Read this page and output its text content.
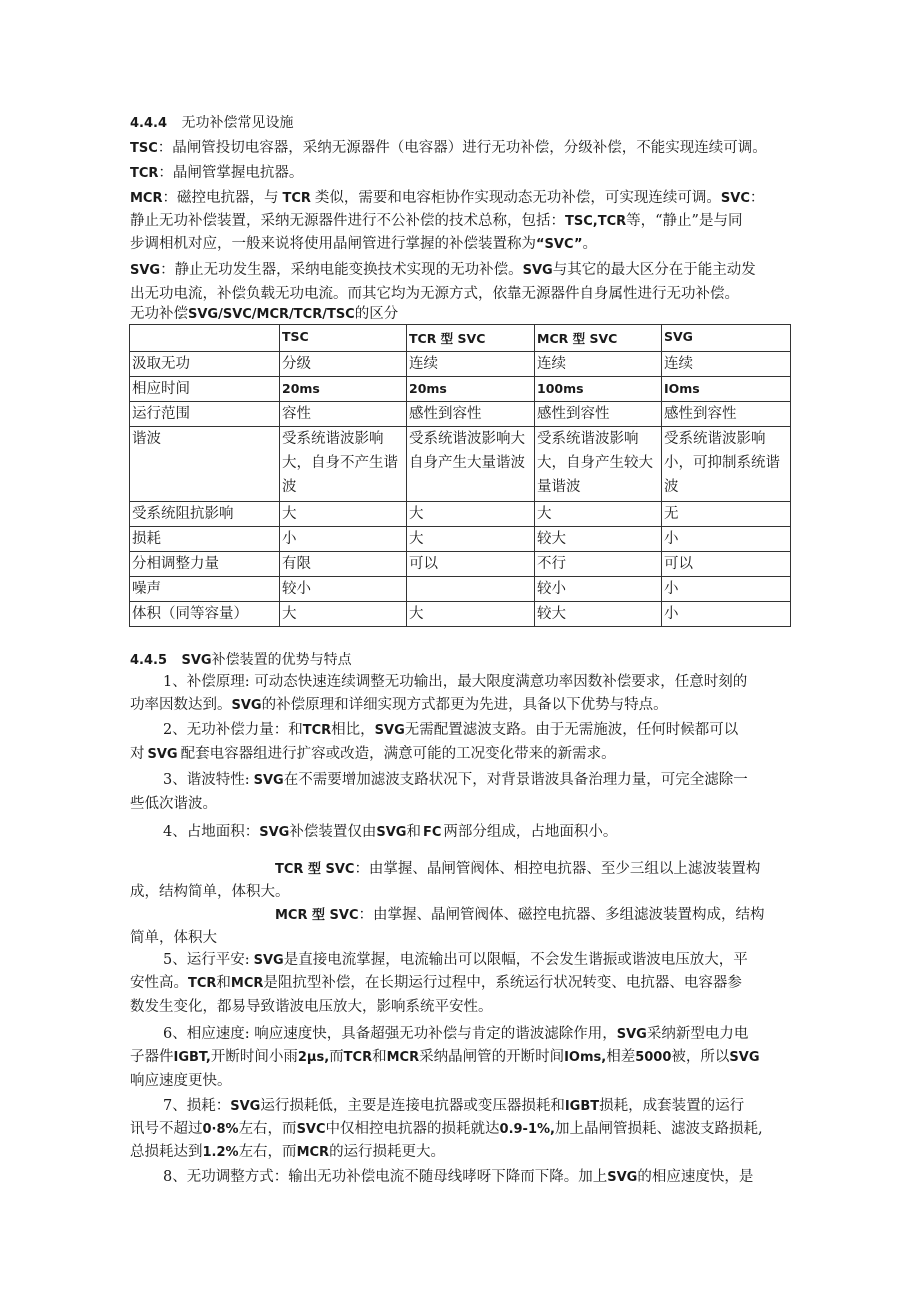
4.4.4 无功补偿常见设施
TSC：晶闸管投切电容器，采纳无源器件（电容器）进行无功补偿，分级补偿，不能实现连续可调。
TCR：晶闸管掌握电抗器。
MCR：磁控电抗器，与 TCR 类似，需要和电容柜协作实现动态无功补偿，可实现连续可调。SVC：
静止无功补偿装置，采纳无源器件进行不公补偿的技术总称，包括：TSC,TCR等，“静止”是与同
步调相机对应，一般来说将使用晶闸管进行掌握的补偿装置称为“SVC”。
SVG：静止无功发生器，采纳电能变换技术实现的无功补偿。SVG与其它的最大区分在于能主动发
出无功电流，补偿负载无功电流。而其它均为无源方式，依靠无源器件自身属性进行无功补偿。
无功补偿SVG/SVC/MCR/TCR/TSC的区分
	TSC	TCR 型 SVC	MCR 型 SVC	SVG
汲取无功	分级	连续	连续	连续
相应时间	20ms	20ms	100ms	IOms
运行范围	容性	感性到容性	感性到容性	感性到容性
谐波	受系统谐波影响大，自身不产生谐波	受系统谐波影响大自身产生大量谐波	受系统谐波影响大，自身产生较大量谐波	受系统谐波影响小，可抑制系统谐波
受系统阻抗影响	大	大	大	无
损耗	小	大	较大	小
分相调整力量	有限	可以	不行	可以
噪声	较小		较小	小
体积（同等容量）	大	大	较大	小
4.4.5 SVG补偿装置的优势与特点
1、补偿原理: 可动态快速连续调整无功输出，最大限度满意功率因数补偿要求，任意时刻的
功率因数达到。SVG的补偿原理和详细实现方式都更为先进，具备以下优势与特点。
2、无功补偿力量：和TCR相比，SVG无需配置滤波支路。由于无需施波，任何时候都可以
对 SVG 配套电容器组进行扩容或改造，满意可能的工况变化带来的新需求。
3、谐波特性: SVG在不需要增加滤波支路状况下，对背景谐波具备治理力量，可完全滤除一
些低次谐波。
4、占地面积：SVG补偿装置仅由SVG和 FC 两部分组成，占地面积小。
TCR 型 SVC：由掌握、晶闸管阀体、相控电抗器、至少三组以上滤波装置构
成，结构简单，体积大。
MCR 型 SVC：由掌握、晶闸管阀体、磁控电抗器、多组滤波装置构成，结构
简单，体积大
5、运行平安: SVG是直接电流掌握，电流输出可以限幅，不会发生谐振或谐波电压放大，平
安性高。TCR和MCR是阻抗型补偿，在长期运行过程中，系统运行状况转变、电抗器、电容器参
数发生变化，都易导致谐波电压放大，影响系统平安性。
6、相应速度: 响应速度快，具备超强无功补偿与肯定的谐波滤除作用，SVG采纳新型电力电
子器件IGBT,开断时间小雨2μs,而TCR和MCR采纳晶闸管的开断时间IOms,相差5000被，所以SVG
响应速度更快。
7、损耗：SVG运行损耗低，主要是连接电抗器或变压器损耗和IGBT损耗，成套装置的运行
讯号不超过0·8%左右，而SVC中仅相控电抗器的损耗就达0.9-1%,加上晶闸管损耗、滤波支路损耗,
总损耗达到1.2%左右，而MCR的运行损耗更大。
8、无功调整方式：输出无功补偿电流不随母线哮呀下降而下降。加上SVG的相应速度快，是
